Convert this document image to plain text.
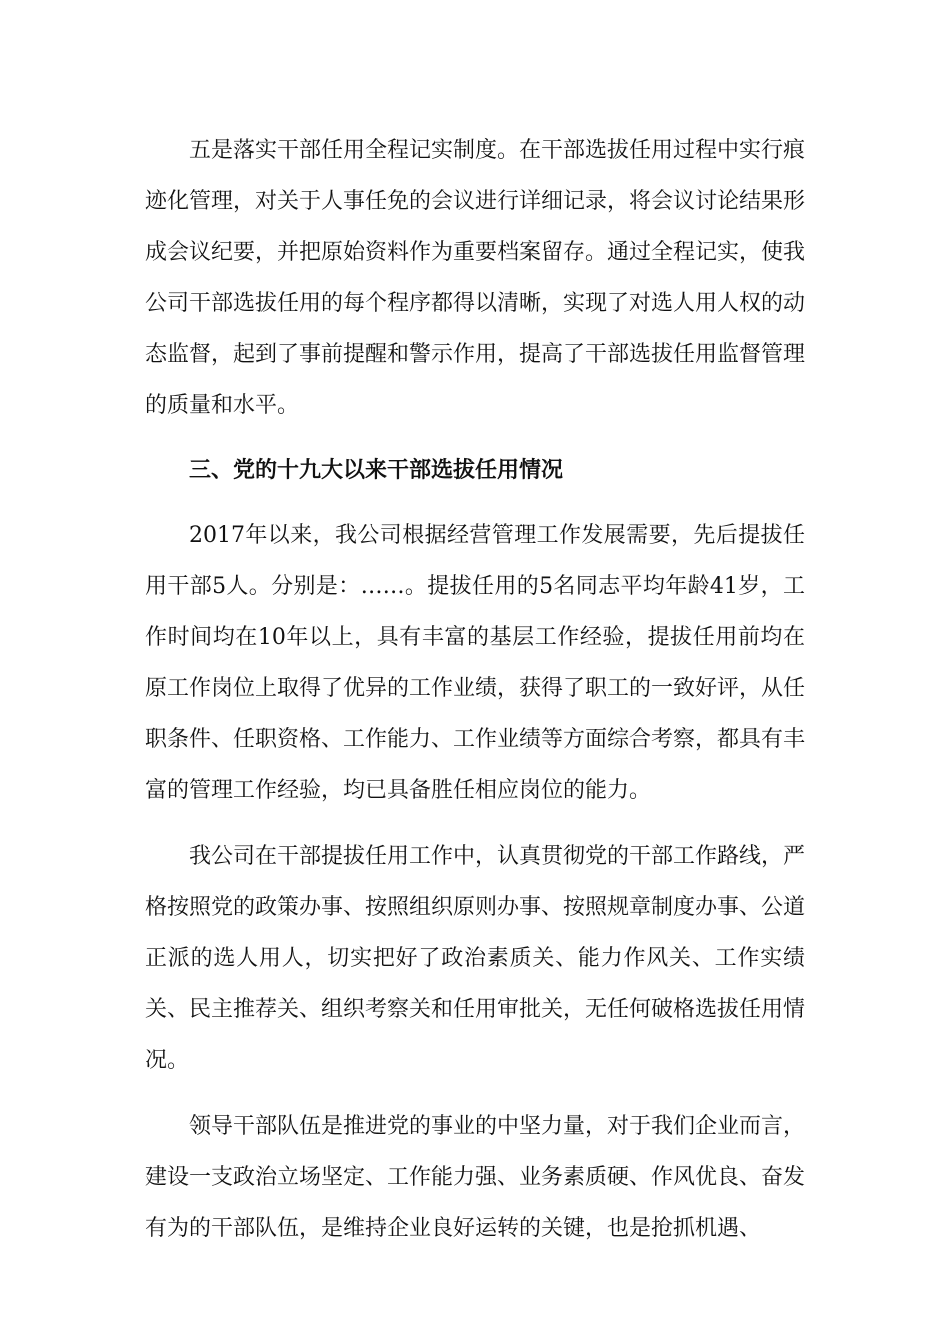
五是落实干部任用全程记实制度。在干部选拔任用过程中实行痕迹化管理，对关于人事任免的会议进行详细记录，将会议讨论结果形成会议纪要，并把原始资料作为重要档案留存。通过全程记实，使我公司干部选拔任用的每个程序都得以清晰，实现了对选人用人权的动态监督，起到了事前提醒和警示作用，提高了干部选拔任用监督管理的质量和水平。

三、党的十九大以来干部选拔任用情况

2017年以来，我公司根据经营管理工作发展需要，先后提拔任用干部5人。分别是：……。提拔任用的5名同志平均年龄41岁，工作时间均在10年以上，具有丰富的基层工作经验，提拔任用前均在原工作岗位上取得了优异的工作业绩，获得了职工的一致好评，从任职条件、任职资格、工作能力、工作业绩等方面综合考察，都具有丰富的管理工作经验，均已具备胜任相应岗位的能力。

我公司在干部提拔任用工作中，认真贯彻党的干部工作路线，严格按照党的政策办事、按照组织原则办事、按照规章制度办事、公道正派的选人用人，切实把好了政治素质关、能力作风关、工作实绩关、民主推荐关、组织考察关和任用审批关，无任何破格选拔任用情况。

领导干部队伍是推进党的事业的中坚力量，对于我们企业而言，建设一支政治立场坚定、工作能力强、业务素质硬、作风优良、奋发有为的干部队伍，是维持企业良好运转的关键，也是抢抓机遇、
